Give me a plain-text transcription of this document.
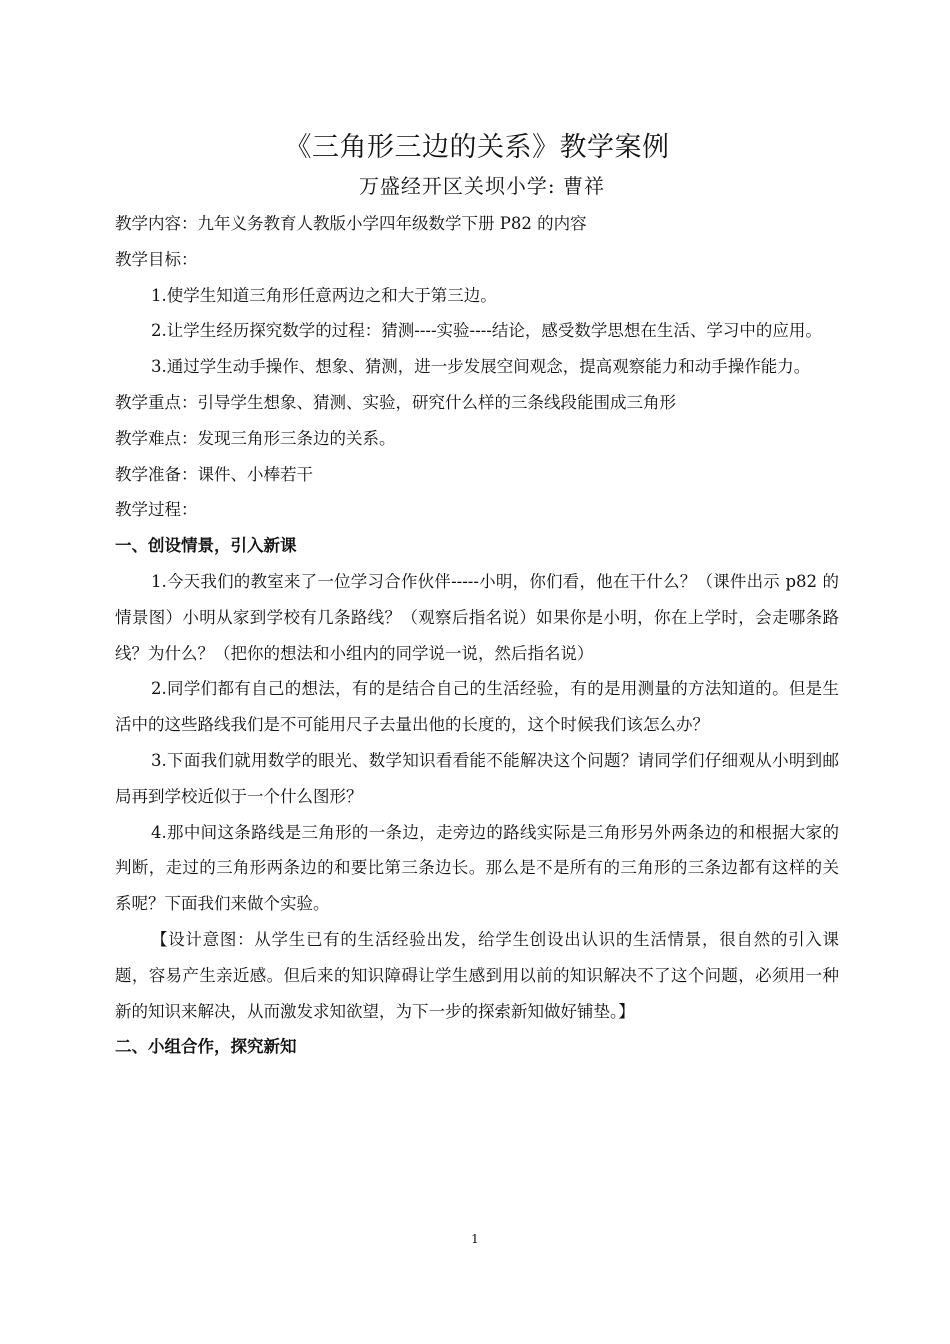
《三角形三边的关系》教学案例

万盛经开区关坝小学: 曹祥

教学内容：九年义务教育人教版小学四年级数学下册 P82 的内容

教学目标：

1.使学生知道三角形任意两边之和大于第三边。

2.让学生经历探究数学的过程：猜测----实验----结论，感受数学思想在生活、学习中的应用。

3.通过学生动手操作、想象、猜测，进一步发展空间观念，提高观察能力和动手操作能力。

教学重点：引导学生想象、猜测、实验，研究什么样的三条线段能围成三角形

教学难点：发现三角形三条边的关系。

教学准备：课件、小棒若干

教学过程：

一、创设情景，引入新课

1.今天我们的教室来了一位学习合作伙伴-----小明，你们看，他在干什么？（课件出示 p82 的情景图）小明从家到学校有几条路线？（观察后指名说）如果你是小明，你在上学时，会走哪条路线？为什么？（把你的想法和小组内的同学说一说，然后指名说）

2.同学们都有自己的想法，有的是结合自己的生活经验，有的是用测量的方法知道的。但是生活中的这些路线我们是不可能用尺子去量出他的长度的，这个时候我们该怎么办？

3.下面我们就用数学的眼光、数学知识看看能不能解决这个问题？请同学们仔细观从小明到邮局再到学校近似于一个什么图形？

4.那中间这条路线是三角形的一条边，走旁边的路线实际是三角形另外两条边的和根据大家的判断，走过的三角形两条边的和要比第三条边长。那么是不是所有的三角形的三条边都有这样的关系呢？下面我们来做个实验。

【设计意图：从学生已有的生活经验出发，给学生创设出认识的生活情景，很自然的引入课题，容易产生亲近感。但后来的知识障碍让学生感到用以前的知识解决不了这个问题，必须用一种新的知识来解决，从而激发求知欲望，为下一步的探索新知做好铺垫。】

二、小组合作，探究新知

1
